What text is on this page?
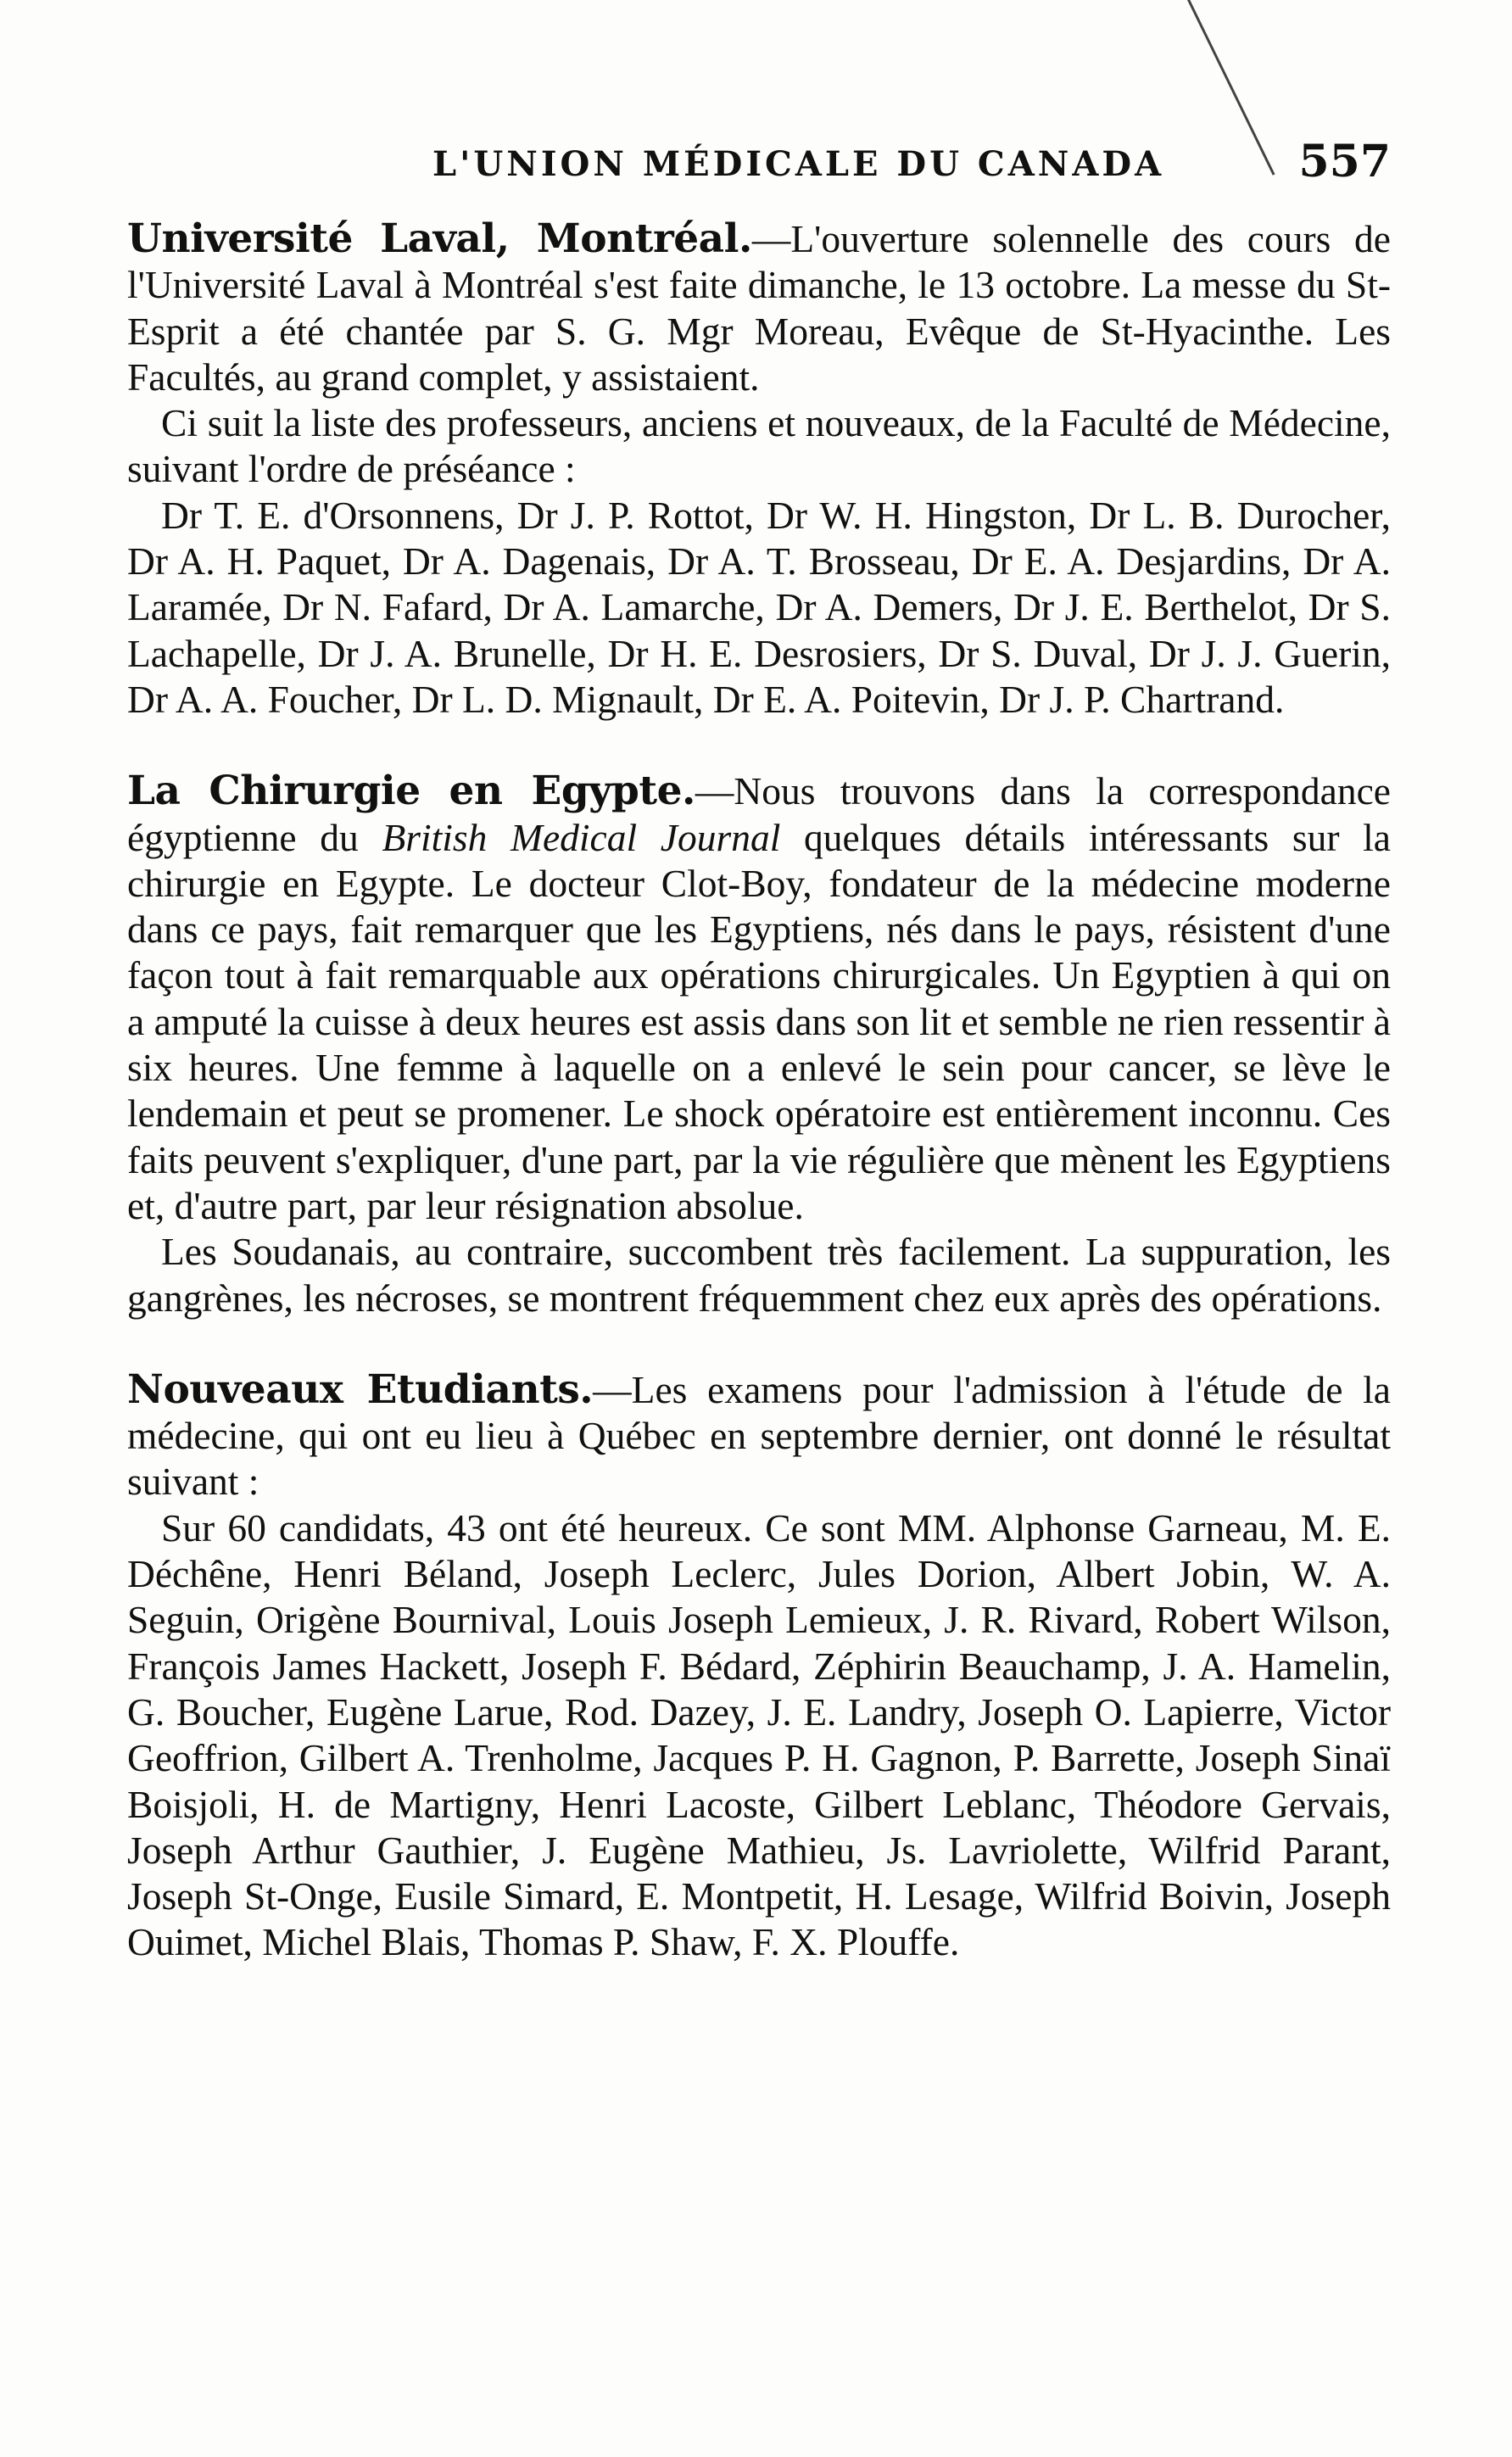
L'UNION MÉDICALE DU CANADA	557

Université Laval, Montréal.—L'ouverture solennelle des cours de l'Université Laval à Montréal s'est faite dimanche, le 13 octobre. La messe du St-Esprit a été chantée par S. G. Mgr Moreau, Evêque de St-Hyacinthe. Les Facultés, au grand complet, y assistaient.

Ci suit la liste des professeurs, anciens et nouveaux, de la Faculté de Médecine, suivant l'ordre de préséance :

Dr T. E. d'Orsonnens, Dr J. P. Rottot, Dr W. H. Hingston, Dr L. B. Durocher, Dr A. H. Paquet, Dr A. Dagenais, Dr A. T. Brosseau, Dr E. A. Desjardins, Dr A. Laramée, Dr N. Fafard, Dr A. Lamarche, Dr A. Demers, Dr J. E. Berthelot, Dr S. Lachapelle, Dr J. A. Brunelle, Dr H. E. Desrosiers, Dr S. Duval, Dr J. J. Guerin, Dr A. A. Foucher, Dr L. D. Mignault, Dr E. A. Poitevin, Dr J. P. Chartrand.

La Chirurgie en Egypte.—Nous trouvons dans la correspondance égyptienne du British Medical Journal quelques détails intéressants sur la chirurgie en Egypte. Le docteur Clot-Boy, fondateur de la médecine moderne dans ce pays, fait remarquer que les Egyptiens, nés dans le pays, résistent d'une façon tout à fait remarquable aux opérations chirurgicales. Un Egyptien à qui on a amputé la cuisse à deux heures est assis dans son lit et semble ne rien ressentir à six heures. Une femme à laquelle on a enlevé le sein pour cancer, se lève le lendemain et peut se promener. Le shock opératoire est entièrement inconnu. Ces faits peuvent s'expliquer, d'une part, par la vie régulière que mènent les Egyptiens et, d'autre part, par leur résignation absolue.

Les Soudanais, au contraire, succombent très facilement. La suppuration, les gangrènes, les nécroses, se montrent fréquemment chez eux après des opérations.

Nouveaux Etudiants.—Les examens pour l'admission à l'étude de la médecine, qui ont eu lieu à Québec en septembre dernier, ont donné le résultat suivant :

Sur 60 candidats, 43 ont été heureux. Ce sont MM. Alphonse Garneau, M. E. Déchêne, Henri Béland, Joseph Leclerc, Jules Dorion, Albert Jobin, W. A. Seguin, Origène Bournival, Louis Joseph Lemieux, J. R. Rivard, Robert Wilson, François James Hackett, Joseph F. Bédard, Zéphirin Beauchamp, J. A. Hamelin, G. Boucher, Eugène Larue, Rod. Dazey, J. E. Landry, Joseph O. Lapierre, Victor Geoffrion, Gilbert A. Trenholme, Jacques P. H. Gagnon, P. Barrette, Joseph Sinaï Boisjoli, H. de Martigny, Henri Lacoste, Gilbert Leblanc, Théodore Gervais, Joseph Arthur Gauthier, J. Eugène Mathieu, Js. Lavriolette, Wilfrid Parant, Joseph St-Onge, Eusile Simard, E. Montpetit, H. Lesage, Wilfrid Boivin, Joseph Ouimet, Michel Blais, Thomas P. Shaw, F. X. Plouffe.
